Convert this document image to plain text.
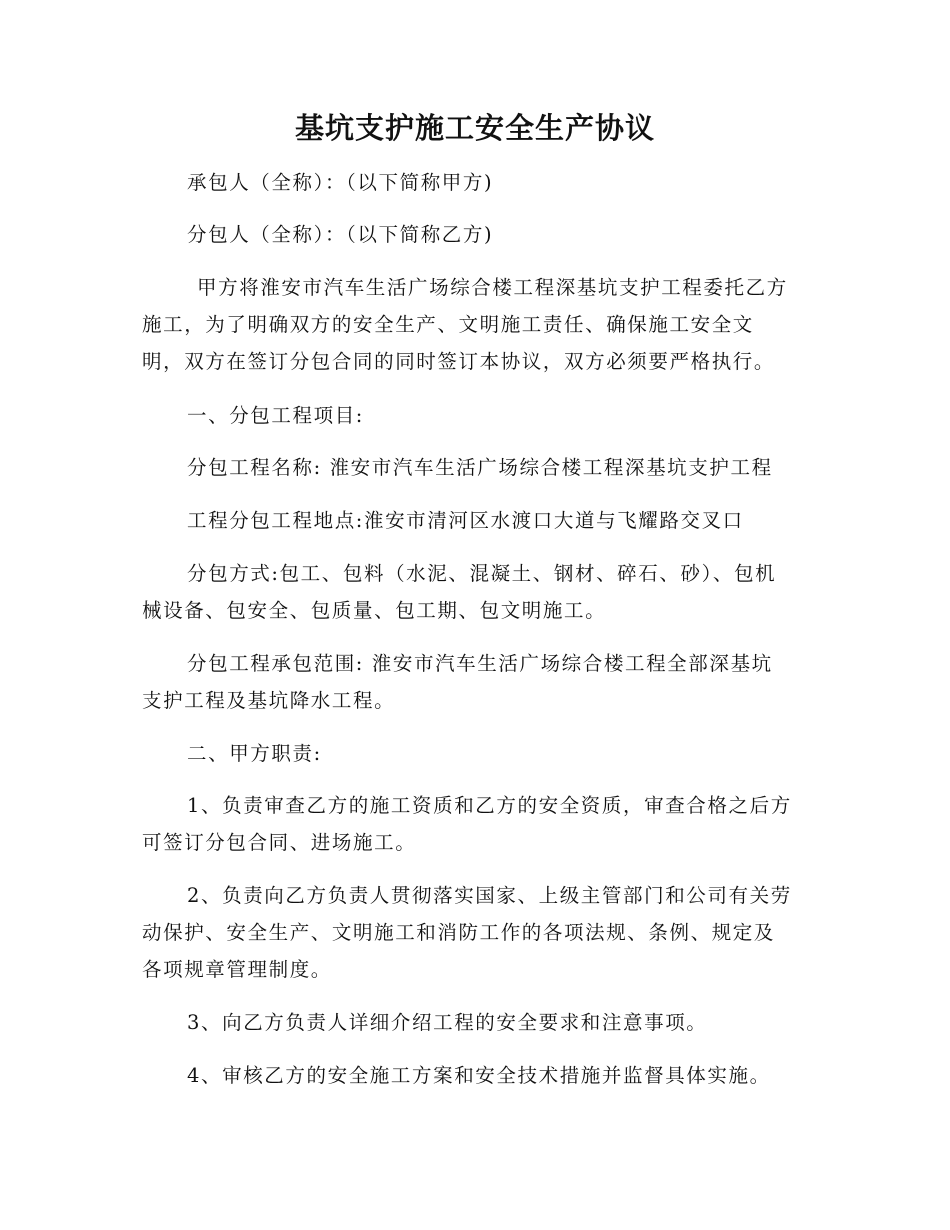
基坑支护施工安全生产协议
承包人（全称）：（以下简称甲方)
分包人（全称）：（以下简称乙方)
甲方将淮安市汽车生活广场综合楼工程深基坑支护工程委托乙方
施工，为了明确双方的安全生产、文明施工责任、确保施工安全文
明，双方在签订分包合同的同时签订本协议，双方必须要严格执行。
一、分包工程项目:
分包工程名称: 淮安市汽车生活广场综合楼工程深基坑支护工程
工程分包工程地点:淮安市清河区水渡口大道与飞耀路交叉口
分包方式:包工、包料（水泥、混凝土、钢材、碎石、砂）、包机
械设备、包安全、包质量、包工期、包文明施工。
分包工程承包范围: 淮安市汽车生活广场综合楼工程全部深基坑
支护工程及基坑降水工程。
二、甲方职责:
1、负责审查乙方的施工资质和乙方的安全资质，审查合格之后方
可签订分包合同、进场施工。
2、负责向乙方负责人贯彻落实国家、上级主管部门和公司有关劳
动保护、安全生产、文明施工和消防工作的各项法规、条例、规定及
各项规章管理制度。
3、向乙方负责人详细介绍工程的安全要求和注意事项。
4、审核乙方的安全施工方案和安全技术措施并监督具体实施。
